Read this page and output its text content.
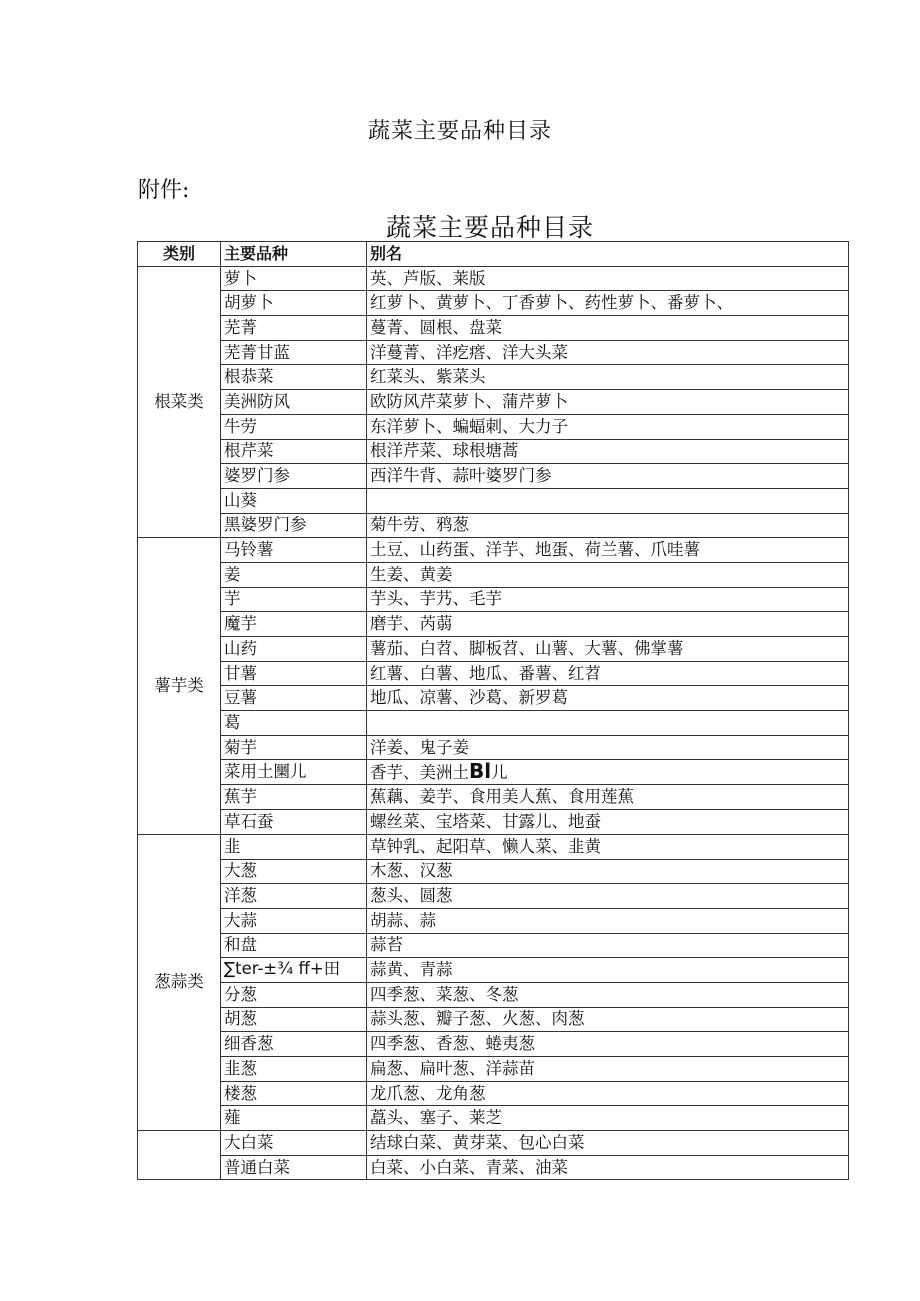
蔬菜主要品种目录
附件:
蔬菜主要品种目录
类别	主要品种	别名
根菜类	萝卜	英、芦版、莱版
	胡萝卜	红萝卜、黄萝卜、丁香萝卜、药性萝卜、番萝卜、
	芜菁	蔓菁、圆根、盘菜
	芜菁甘蓝	洋蔓菁、洋疙瘩、洋大头菜
	根恭菜	红菜头、紫菜头
	美洲防风	欧防风芹菜萝卜、蒲芹萝卜
	牛劳	东洋萝卜、蝙蝠刺、大力子
	根芹菜	根洋芹菜、球根塘蒿
	婆罗门参	西洋牛背、蒜叶婆罗门参
	山葵	
	黑婆罗门参	菊牛劳、鸦葱
薯芋类	马铃薯	土豆、山药蛋、洋芋、地蛋、荷兰薯、爪哇薯
	姜	生姜、黄姜
	芋	芋头、芋艿、毛芋
	魔芋	磨芋、芮蒻
	山药	薯茄、白苕、脚板苕、山薯、大薯、佛掌薯
	甘薯	红薯、白薯、地瓜、番薯、红苕
	豆薯	地瓜、凉薯、沙葛、新罗葛
	葛	
	菊芋	洋姜、鬼子姜
	菜用土圞儿	香芋、美洲土Bl儿
	蕉芋	蕉藕、姜芋、食用美人蕉、食用莲蕉
	草石蚕	螺丝菜、宝塔菜、甘露儿、地蚕
葱蒜类	韭	草钟乳、起阳草、懒人菜、韭黄
	大葱	木葱、汉葱
	洋葱	葱头、圆葱
	大蒜	胡蒜、蒜
	和盘	蒜苔
	∑ter-±¾ ff+田	蒜黄、青蒜
	分葱	四季葱、菜葱、冬葱
	胡葱	蒜头葱、瓣子葱、火葱、肉葱
	细香葱	四季葱、香葱、蜷夷葱
	韭葱	扁葱、扁叶葱、洋蒜苗
	楼葱	龙爪葱、龙角葱
	薤	藠头、塞子、莱芝
	大白菜	结球白菜、黄芽菜、包心白菜
	普通白菜	白菜、小白菜、青菜、油菜
